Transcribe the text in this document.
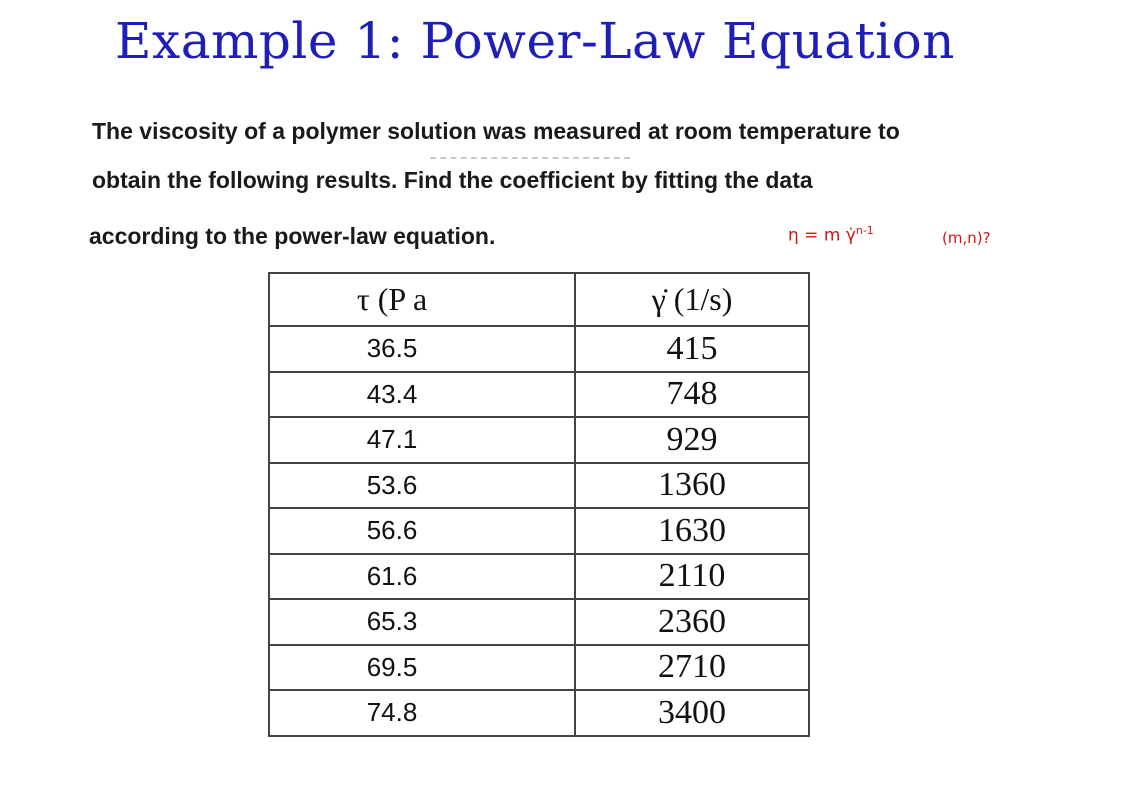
Example 1: Power-Law Equation
The viscosity of a polymer solution was measured at room temperature to
obtain the following results. Find the coefficient by fitting the data
according to the power-law equation.	η = m γ̇$^{n-1}$	(m,n)?
τ (P a	γ̇ (1/s)
36.5	415
43.4	748
47.1	929
53.6	1360
56.6	1630
61.6	2110
65.3	2360
69.5	2710
74.8	3400
